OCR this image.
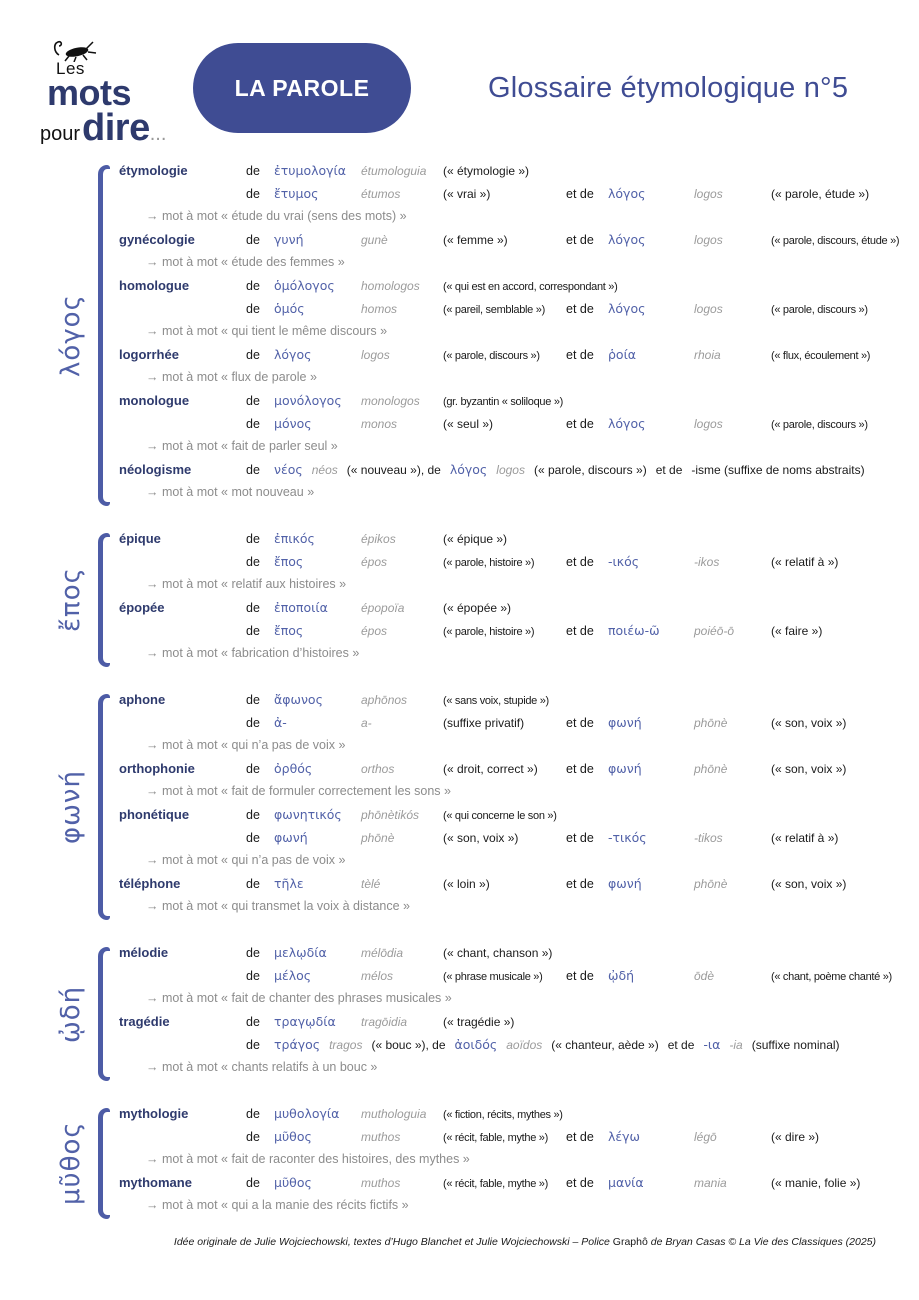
Les
mots
pour dire ...
LA PAROLE	Glossaire étymologique n°5
λόγος
étymologie	de	ἐτυμολογία	étumologuia	(« étymologie »)
de	ἔτυμος	étumos	(« vrai »)	et de	λόγος	logos	(« parole, étude »)
→ mot à mot « étude du vrai (sens des mots) »
gynécologie	de	γυνή	gunè	(« femme »)	et de	λόγος	logos	(« parole, discours, étude »)
→ mot à mot « étude des femmes »
homologue	de	ὁμόλογος	homologos	(« qui est en accord, correspondant »)
de	ὁμός	homos	(« pareil, semblable »)	et de	λόγος	logos	(« parole, discours »)
→ mot à mot « qui tient le même discours »
logorrhée	de	λόγος	logos	(« parole, discours »)	et de	ῥοία	rhoia	(« flux, écoulement »)
→ mot à mot « flux de parole »
monologue	de	μονόλογος	monologos	(gr. byzantin « soliloque »)
de	μόνος	monos	(« seul »)	et de	λόγος	logos	(« parole, discours »)
→ mot à mot « fait de parler seul »
néologisme	de	νέος néos (« nouveau »), de λόγος logos (« parole, discours ») et de -isme (suffixe de noms abstraits)
→ mot à mot « mot nouveau »
ἔπος
épique	de	ἐπικός	épikos	(« épique »)
de	ἔπος	épos	(« parole, histoire »)	et de	-ικός	-ikos	(« relatif à »)
→ mot à mot « relatif aux histoires »
épopée	de	ἐποποιία	épopoïa	(« épopée »)
de	ἔπος	épos	(« parole, histoire »)	et de	ποιέω-ῶ	poiéō-ō	(« faire »)
→ mot à mot « fabrication d’histoires »
φωνή
aphone	de	ἄφωνος	aphōnos	(« sans voix, stupide »)
de	ἀ-	a-	(suffixe privatif)	et de	φωνή	phōnè	(« son, voix »)
→ mot à mot « qui n’a pas de voix »
orthophonie	de	ὀρθός	orthos	(« droit, correct »)	et de	φωνή	phōnè	(« son, voix »)
→ mot à mot « fait de formuler correctement les sons »
phonétique	de	φωνητικός	phōnètikós	(« qui concerne le son »)
de	φωνή	phōnè	(« son, voix »)	et de	-τικός	-tikos	(« relatif à »)
→ mot à mot « qui n’a pas de voix »
téléphone	de	τῆλε	tèlé	(« loin »)	et de	φωνή	phōnè	(« son, voix »)
→ mot à mot « qui transmet la voix à distance »
ᾠδή
mélodie	de	μελῳδία	mélōdia	(« chant, chanson »)
de	μέλος	mélos	(« phrase musicale »)	et de	ᾠδή	ōdè	(« chant, poème chanté »)
→ mot à mot « fait de chanter des phrases musicales »
tragédie	de	τραγῳδία	tragōidia	(« tragédie »)
de	τράγος tragos (« bouc »), de ἀοιδός aoïdos (« chanteur, aède ») et de -ια -ia (suffixe nominal)
→ mot à mot « chants relatifs à un bouc »
μῦθος
mythologie	de	μυθολογία	muthologuia	(« fiction, récits, mythes »)
de	μῦθος	muthos	(« récit, fable, mythe »)	et de	λέγω	légō	(« dire »)
→ mot à mot « fait de raconter des histoires, des mythes »
mythomane	de	μῦθος	muthos	(« récit, fable, mythe »)	et de	μανία	mania	(« manie, folie »)
→ mot à mot « qui a la manie des récits fictifs »
Idée originale de Julie Wojciechowski, textes d’Hugo Blanchet et Julie Wojciechowski – Police Graphô de Bryan Casas © La Vie des Classiques (2025)
